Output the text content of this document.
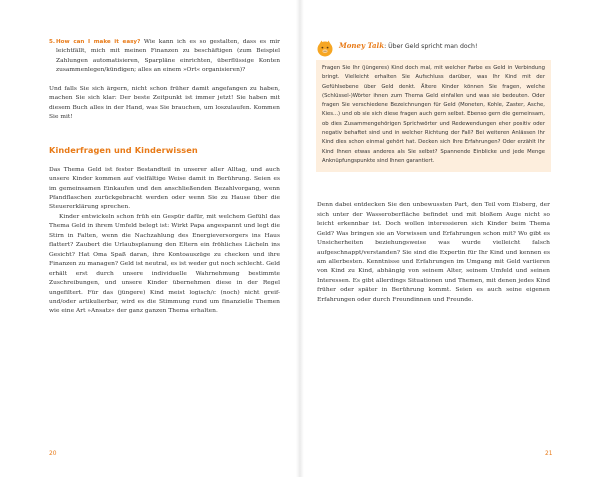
5. How can I make it easy? Wie kann ich es so gestalten, dass es mir leichtfällt, mich mit meinen Finanzen zu beschäftigen (zum Beispiel Zahlungen automatisieren, Sparpläne einrichten, überflüssige Konten zusammenlegen/kündigen; alles an einem »Ort« organisieren)?

Und falls Sie sich ärgern, nicht schon früher damit angefangen zu haben, machen Sie sich klar: Der beste Zeitpunkt ist immer jetzt! Sie haben mit diesem Buch alles in der Hand, was Sie brauchen, um loszulaufen. Kommen Sie mit!

Kinderfragen und Kinderwissen

Das Thema Geld ist fester Bestandteil in unserer aller Alltag, und auch unsere Kinder kommen auf vielfältige Weise damit in Berührung. Seien es im gemeinsamen Einkaufen und den anschließenden Bezahlvorgang, wenn Pfandflaschen zurückgebracht werden oder wenn Sie zu Hause über die Steuererklärung sprechen.

Kinder entwickeln schon früh ein Gespür dafür, mit welchem Gefühl das Thema Geld in ihrem Umfeld belegt ist: Wirkt Papa angespannt und legt die Stirn in Falten, wenn die Nachzahlung des Energieversorgers ins Haus flattert? Zaubert die Urlaubsplanung den Eltern ein fröhliches Lächeln ins Gesicht? Hat Oma Spaß daran, ihre Kontoauszüge zu checken und ihre Finanzen zu managen? Geld ist neutral, es ist weder gut noch schlecht. Geld erhält erst durch unsere individuelle Wahrnehmung bestimmte Zuschreibungen, und unsere Kinder übernehmen diese in der Regel ungefiltert. Für das (jüngere) Kind meist logisch/c (noch) nicht greif- und/oder artikulierbar, wird es die Stimmung rund um finanzielle Themen wie eine Art »Ansatz« der ganz ganzen Thema erhalten.

20
Money Talk: Über Geld spricht man doch!

Fragen Sie Ihr (jüngeres) Kind doch mal, mit welcher Farbe es Geld in Verbindung bringt. Vielleicht erhalten Sie Aufschluss darüber, was Ihr Kind mit der Gefühlsebene über Geld denkt. Ältere Kinder können Sie fragen, welche (Schlüssel-)Wörter ihnen zum Thema Geld einfallen und was sie bedeuten. Oder fragen Sie verschiedene Bezeichnungen für Geld (Moneten, Kohle, Zaster, Asche, Kies...) und ob sie sich diese fragen auch gern selbst. Ebenso gern die gemeinsam, ob dies Zusammengehörigen Sprichwörter und Redewendungen eher positiv oder negativ behaftet sind und in welcher Richtung der Fall? Bei weiteren Anlässen Ihr Kind dies schon einmal gehört hat. Decken sich Ihre Erfahrungen? Oder erzählt Ihr Kind Ihnen etwas anderes als Sie selbst? Spannende Einblicke und jede Menge Anknüpfungspunkte sind Ihnen garantiert.

Denn dabei entdecken Sie den unbewussten Part, den Teil vom Eisberg, der sich unter der Wasseroberfläche befindet und mit bloßem Auge nicht so leicht erkennbar ist. Doch wollen interessieren sich Kinder beim Thema Geld? Was bringen sie an Vorwissen und Erfahrungen schon mit? Wo gibt es Unsicherheiten beziehungsweise was wurde vielleicht falsch aufgeschnappt/verstanden? Sie sind die Expertin für Ihr Kind und kennen es am allerbesten. Kenntnisse und Erfahrungen im Umgang mit Geld variieren von Kind zu Kind, abhängig von seinem Alter, seinem Umfeld und seinen Interessen. Es gibt allerdings Situationen und Themen, mit denen jedes Kind früher oder später in Berührung kommt. Seien es auch seine eigenen Erfahrungen oder durch Freundinnen und Freunde.

21
